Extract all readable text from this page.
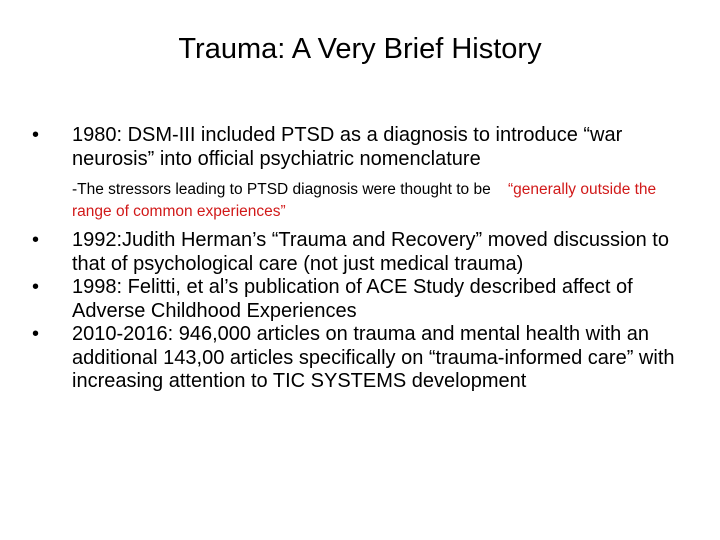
Trauma: A Very Brief History
• 1980: DSM-III included PTSD as a diagnosis to introduce “war neurosis” into official psychiatric nomenclature
-The stressors leading to PTSD diagnosis were thought to be “generally outside the range of common experiences”
• 1992:Judith Herman’s “Trauma and Recovery” moved discussion to that of psychological care (not just medical trauma)
• 1998: Felitti, et al’s publication of ACE Study described affect of Adverse Childhood Experiences
• 2010-2016: 946,000 articles on trauma and mental health with an additional 143,00 articles specifically on “trauma-informed care” with increasing attention to TIC SYSTEMS development
